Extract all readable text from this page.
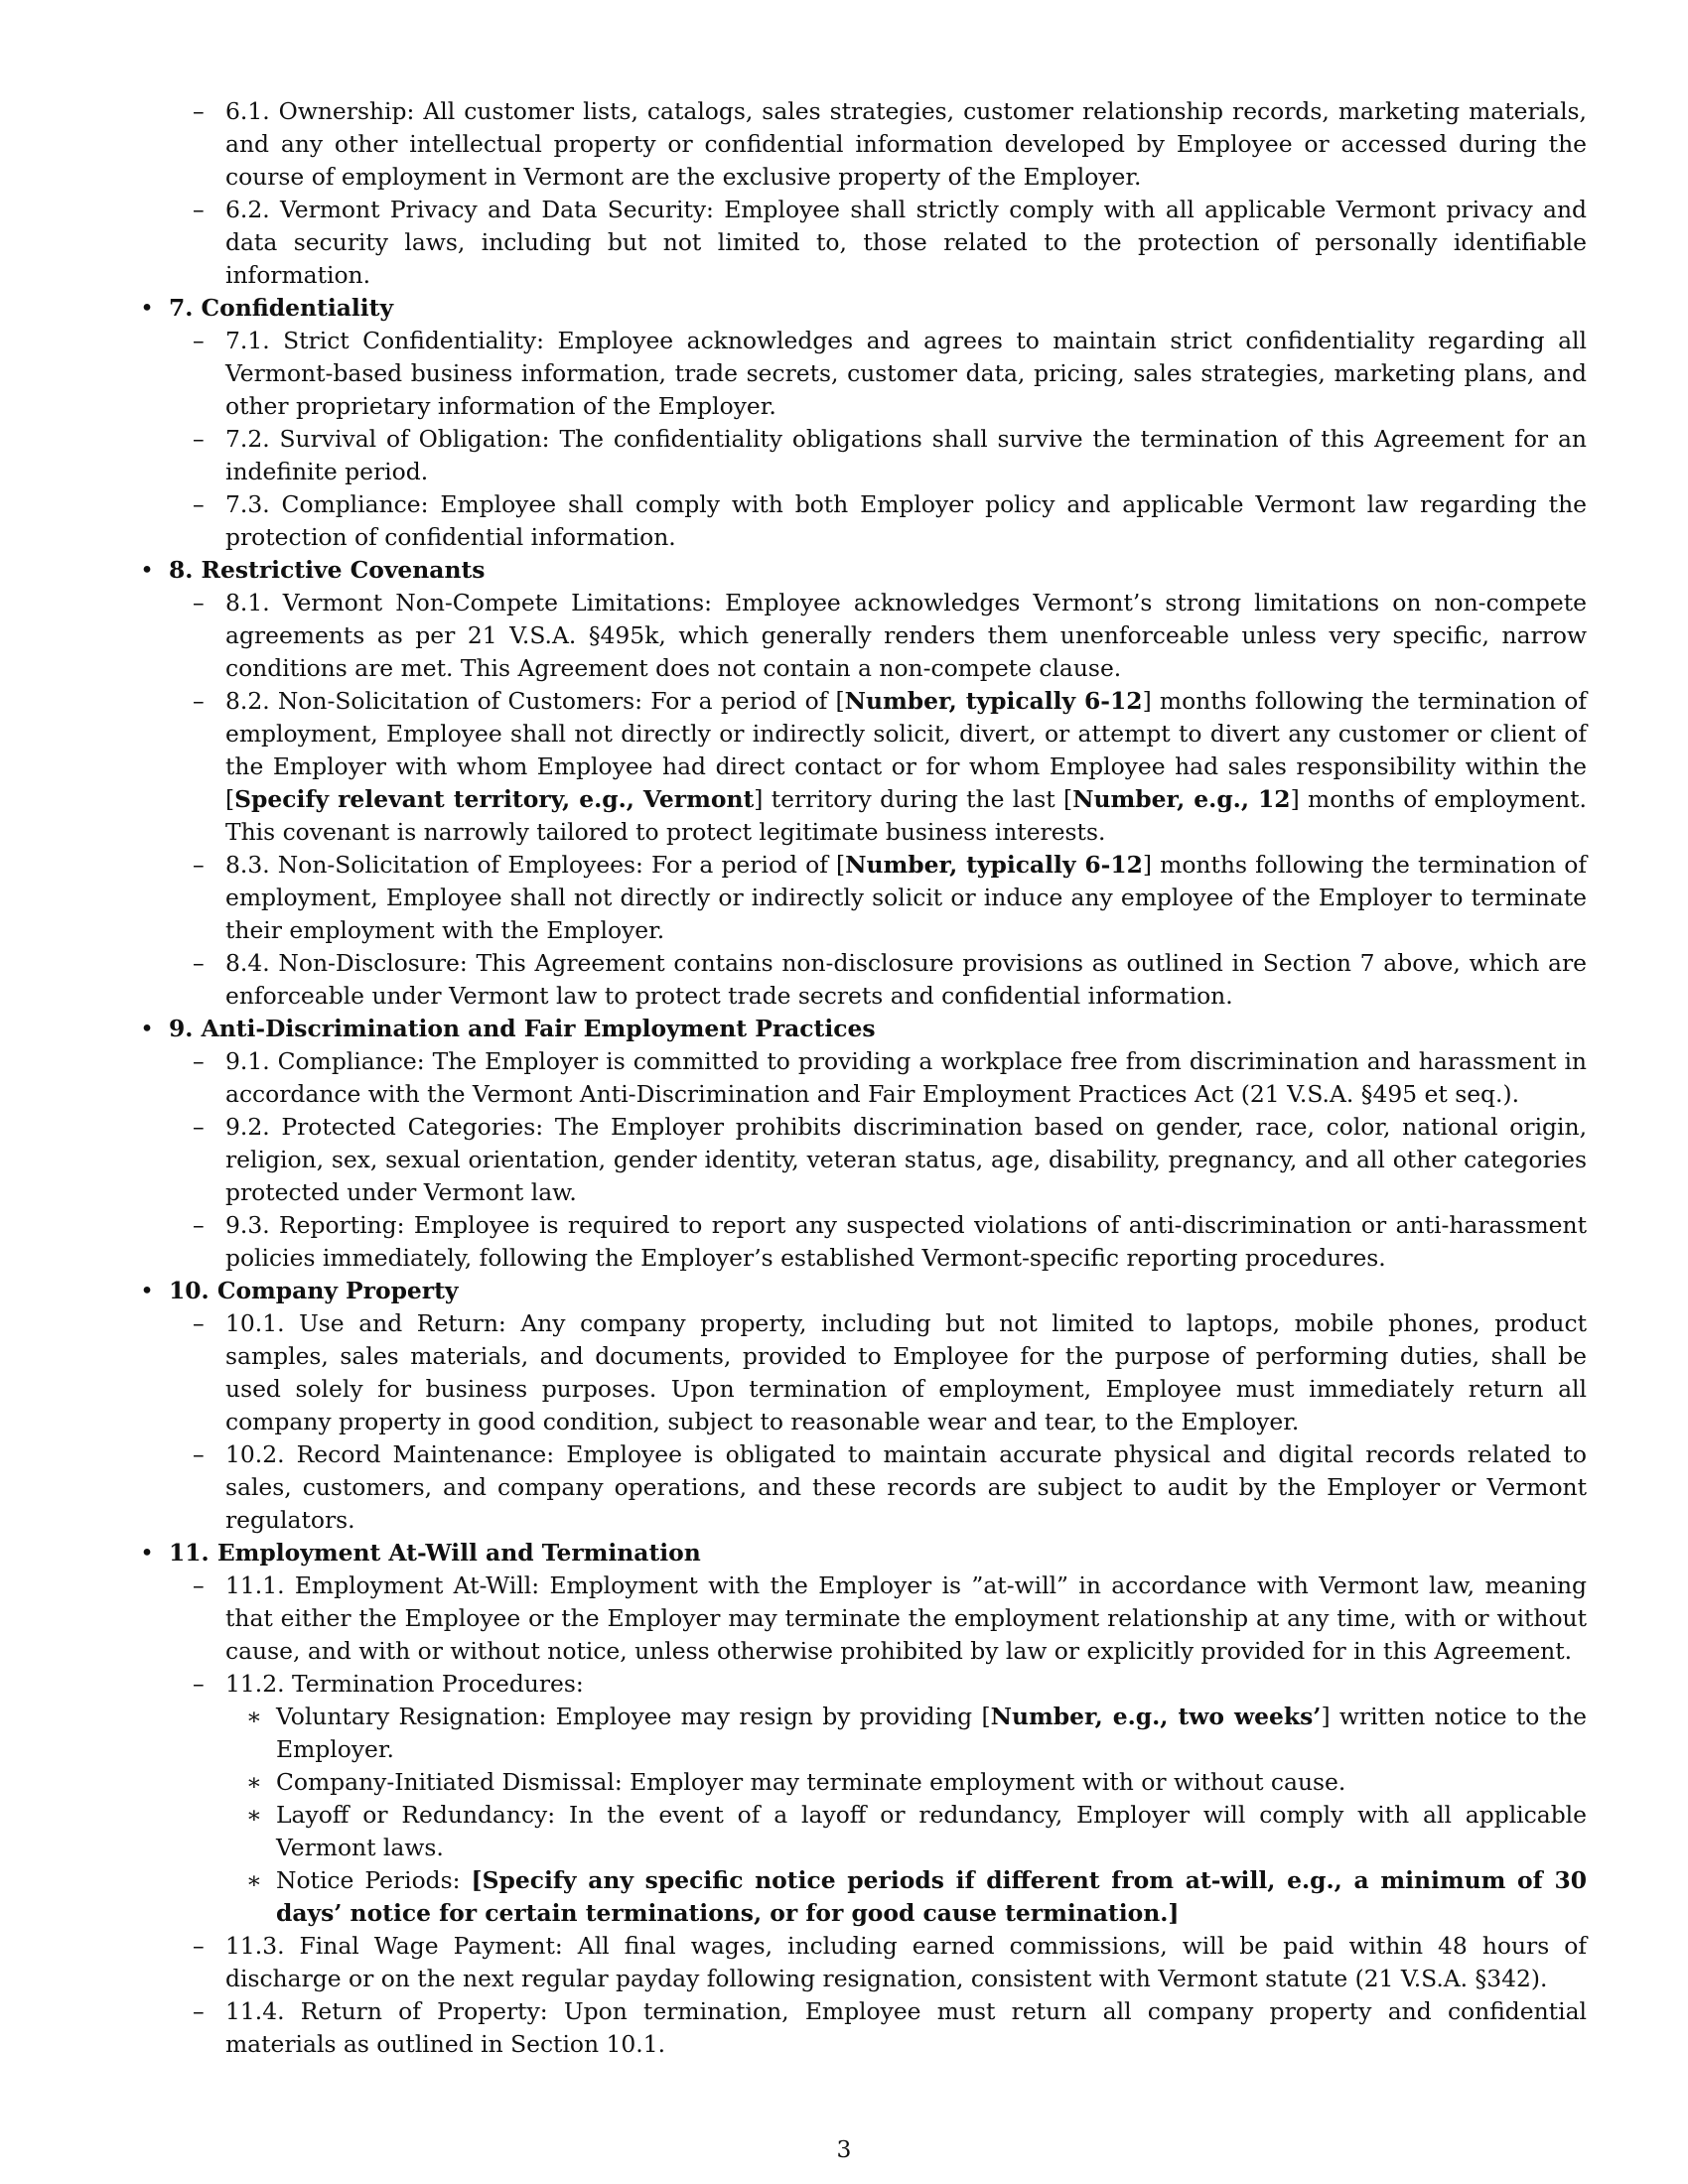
– 6.1. Ownership: All customer lists, catalogs, sales strategies, customer relationship records, marketing materials, and any other intellectual property or confidential information developed by Employee or accessed during the course of employment in Vermont are the exclusive property of the Employer.
– 6.2. Vermont Privacy and Data Security: Employee shall strictly comply with all applicable Vermont privacy and data security laws, including but not limited to, those related to the protection of personally identifiable information.
• 7. Confidentiality
– 7.1. Strict Confidentiality: Employee acknowledges and agrees to maintain strict confidentiality regarding all Vermont-based business information, trade secrets, customer data, pricing, sales strategies, marketing plans, and other proprietary information of the Employer.
– 7.2. Survival of Obligation: The confidentiality obligations shall survive the termination of this Agreement for an indefinite period.
– 7.3. Compliance: Employee shall comply with both Employer policy and applicable Vermont law regarding the protection of confidential information.
• 8. Restrictive Covenants
– 8.1. Vermont Non-Compete Limitations: Employee acknowledges Vermont’s strong limitations on non-compete agreements as per 21 V.S.A. §495k, which generally renders them unenforceable unless very specific, narrow conditions are met. This Agreement does not contain a non-compete clause.
– 8.2. Non-Solicitation of Customers: For a period of [Number, typically 6-12] months following the termination of employment, Employee shall not directly or indirectly solicit, divert, or attempt to divert any customer or client of the Employer with whom Employee had direct contact or for whom Employee had sales responsibility within the [Specify relevant territory, e.g., Vermont] territory during the last [Number, e.g., 12] months of employment. This covenant is narrowly tailored to protect legitimate business interests.
– 8.3. Non-Solicitation of Employees: For a period of [Number, typically 6-12] months following the termination of employment, Employee shall not directly or indirectly solicit or induce any employee of the Employer to terminate their employment with the Employer.
– 8.4. Non-Disclosure: This Agreement contains non-disclosure provisions as outlined in Section 7 above, which are enforceable under Vermont law to protect trade secrets and confidential information.
• 9. Anti-Discrimination and Fair Employment Practices
– 9.1. Compliance: The Employer is committed to providing a workplace free from discrimination and harassment in accordance with the Vermont Anti-Discrimination and Fair Employment Practices Act (21 V.S.A. §495 et seq.).
– 9.2. Protected Categories: The Employer prohibits discrimination based on gender, race, color, national origin, religion, sex, sexual orientation, gender identity, veteran status, age, disability, pregnancy, and all other categories protected under Vermont law.
– 9.3. Reporting: Employee is required to report any suspected violations of anti-discrimination or anti-harassment policies immediately, following the Employer’s established Vermont-specific reporting procedures.
• 10. Company Property
– 10.1. Use and Return: Any company property, including but not limited to laptops, mobile phones, product samples, sales materials, and documents, provided to Employee for the purpose of performing duties, shall be used solely for business purposes. Upon termination of employment, Employee must immediately return all company property in good condition, subject to reasonable wear and tear, to the Employer.
– 10.2. Record Maintenance: Employee is obligated to maintain accurate physical and digital records related to sales, customers, and company operations, and these records are subject to audit by the Employer or Vermont regulators.
• 11. Employment At-Will and Termination
– 11.1. Employment At-Will: Employment with the Employer is ”at-will” in accordance with Vermont law, meaning that either the Employee or the Employer may terminate the employment relationship at any time, with or without cause, and with or without notice, unless otherwise prohibited by law or explicitly provided for in this Agreement.
– 11.2. Termination Procedures:
∗ Voluntary Resignation: Employee may resign by providing [Number, e.g., two weeks’] written notice to the Employer.
∗ Company-Initiated Dismissal: Employer may terminate employment with or without cause.
∗ Layoff or Redundancy: In the event of a layoff or redundancy, Employer will comply with all applicable Vermont laws.
∗ Notice Periods: [Specify any specific notice periods if different from at-will, e.g., a minimum of 30 days’ notice for certain terminations, or for good cause termination.]
– 11.3. Final Wage Payment: All final wages, including earned commissions, will be paid within 48 hours of discharge or on the next regular payday following resignation, consistent with Vermont statute (21 V.S.A. §342).
– 11.4. Return of Property: Upon termination, Employee must return all company property and confidential materials as outlined in Section 10.1.
3
